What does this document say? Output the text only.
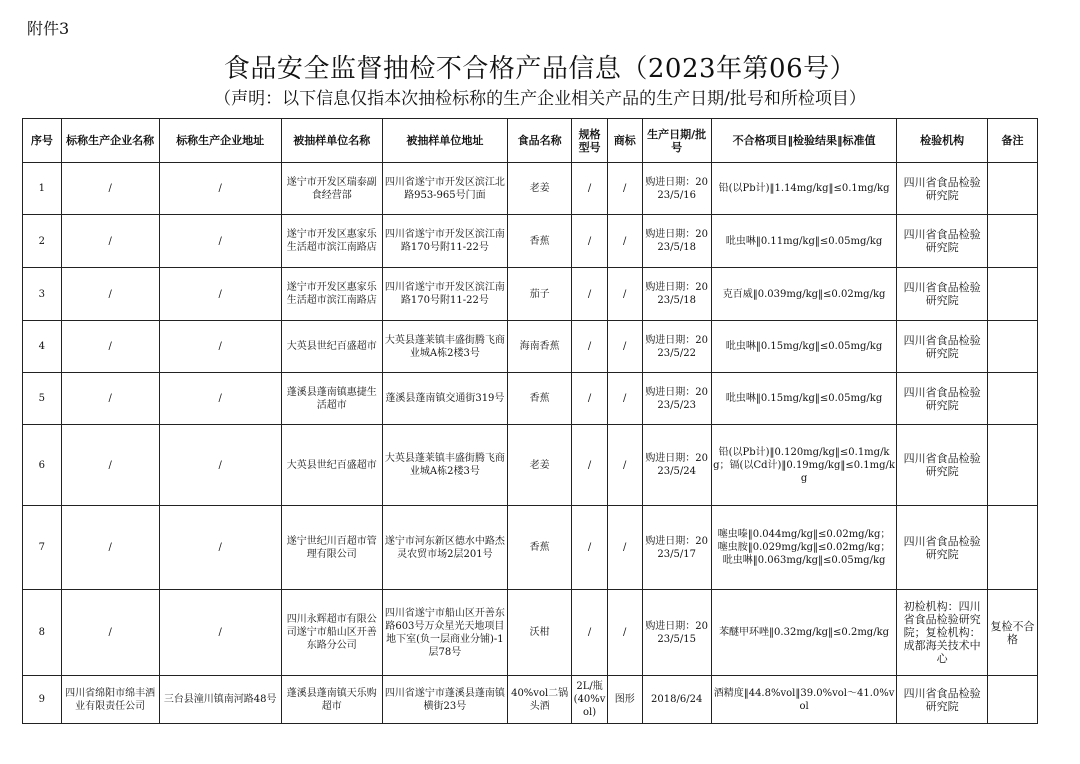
附件3
食品安全监督抽检不合格产品信息（2023年第06号）
（声明：以下信息仅指本次抽检标称的生产企业相关产品的生产日期/批号和所检项目）
序号	标称生产企业名称	标称生产企业地址	被抽样单位名称	被抽样单位地址	食品名称	规格型号	商标	生产日期/批号	不合格项目‖检验结果‖标准值	检验机构	备注
1	/	/	遂宁市开发区瑞泰副食经营部	四川省遂宁市开发区滨江北路953-965号门面	老姜	/	/	购进日期：2023/5/16	铅(以Pb计)‖1.14mg/kg‖≤0.1mg/kg	四川省食品检验研究院	
2	/	/	遂宁市开发区惠家乐生活超市滨江南路店	四川省遂宁市开发区滨江南路170号附11-22号	香蕉	/	/	购进日期：2023/5/18	吡虫啉‖0.11mg/kg‖≤0.05mg/kg	四川省食品检验研究院	
3	/	/	遂宁市开发区惠家乐生活超市滨江南路店	四川省遂宁市开发区滨江南路170号附11-22号	茄子	/	/	购进日期：2023/5/18	克百威‖0.039mg/kg‖≤0.02mg/kg	四川省食品检验研究院	
4	/	/	大英县世纪百盛超市	大英县蓬莱镇丰盛街腾飞商业城A栋2楼3号	海南香蕉	/	/	购进日期：2023/5/22	吡虫啉‖0.15mg/kg‖≤0.05mg/kg	四川省食品检验研究院	
5	/	/	蓬溪县蓬南镇惠捷生活超市	蓬溪县蓬南镇交通街319号	香蕉	/	/	购进日期：2023/5/23	吡虫啉‖0.15mg/kg‖≤0.05mg/kg	四川省食品检验研究院	
6	/	/	大英县世纪百盛超市	大英县蓬莱镇丰盛街腾飞商业城A栋2楼3号	老姜	/	/	购进日期：2023/5/24	铅(以Pb计)‖0.120mg/kg‖≤0.1mg/kg；镉(以Cd计)‖0.19mg/kg‖≤0.1mg/kg	四川省食品检验研究院	
7	/	/	遂宁世纪川百超市管理有限公司	遂宁市河东新区德水中路杰灵农贸市场2层201号	香蕉	/	/	购进日期：2023/5/17	噻虫嗪‖0.044mg/kg‖≤0.02mg/kg；噻虫胺‖0.029mg/kg‖≤0.02mg/kg；吡虫啉‖0.063mg/kg‖≤0.05mg/kg	四川省食品检验研究院	
8	/	/	四川永辉超市有限公司遂宁市船山区开善东路分公司	四川省遂宁市船山区开善东路603号万众星光天地项目地下室(负一层商业分铺)-1层78号	沃柑	/	/	购进日期：2023/5/15	苯醚甲环唑‖0.32mg/kg‖≤0.2mg/kg	初检机构：四川省食品检验研究院；复检机构：成都海关技术中心	复检不合格
9	四川省绵阳市绵丰酒业有限责任公司	三台县潼川镇南河路48号	蓬溪县蓬南镇天乐购超市	四川省遂宁市蓬溪县蓬南镇横街23号	40%vol二锅头酒	2L/瓶(40%vol)	图形	2018/6/24	酒精度‖44.8%vol‖39.0%vol～41.0%vol	四川省食品检验研究院	
